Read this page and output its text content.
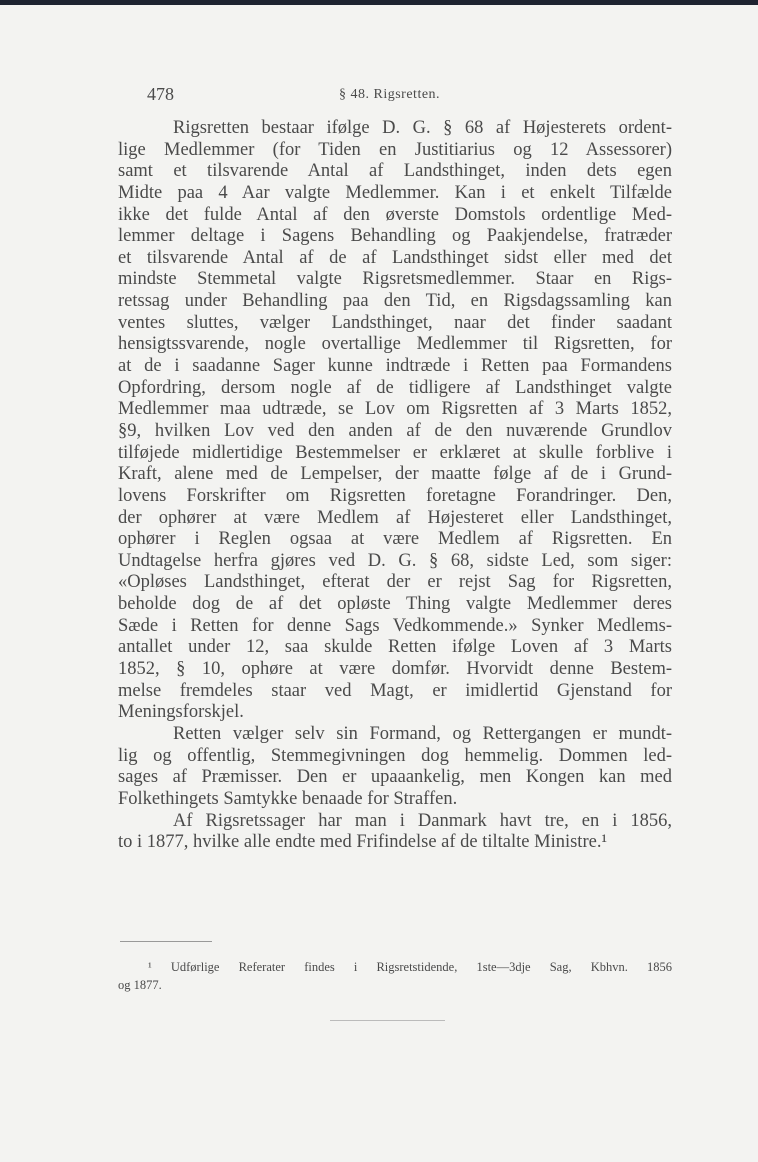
478	§ 48. Rigsretten.
Rigsretten bestaar ifølge D. G. § 68 af Højesterets ordent-
lige Medlemmer (for Tiden en Justitiarius og 12 Assessorer)
samt et tilsvarende Antal af Landsthinget, inden dets egen
Midte paa 4 Aar valgte Medlemmer. Kan i et enkelt Tilfælde
ikke det fulde Antal af den øverste Domstols ordentlige Med-
lemmer deltage i Sagens Behandling og Paakjendelse, fratræder
et tilsvarende Antal af de af Landsthinget sidst eller med det
mindste Stemmetal valgte Rigsretsmedlemmer. Staar en Rigs-
retssag under Behandling paa den Tid, en Rigsdagssamling kan
ventes sluttes, vælger Landsthinget, naar det finder saadant
hensigtssvarende, nogle overtallige Medlemmer til Rigsretten, for
at de i saadanne Sager kunne indtræde i Retten paa Formandens
Opfordring, dersom nogle af de tidligere af Landsthinget valgte
Medlemmer maa udtræde, se Lov om Rigsretten af 3 Marts 1852,
§9, hvilken Lov ved den anden af de den nuværende Grundlov
tilføjede midlertidige Bestemmelser er erklæret at skulle forblive i
Kraft, alene med de Lempelser, der maatte følge af de i Grund-
lovens Forskrifter om Rigsretten foretagne Forandringer. Den,
der ophører at være Medlem af Højesteret eller Landsthinget,
ophører i Reglen ogsaa at være Medlem af Rigsretten. En
Undtagelse herfra gjøres ved D. G. § 68, sidste Led, som siger:
«Opløses Landsthinget, efterat der er rejst Sag for Rigsretten,
beholde dog de af det opløste Thing valgte Medlemmer deres
Sæde i Retten for denne Sags Vedkommende.» Synker Medlems-
antallet under 12, saa skulde Retten ifølge Loven af 3 Marts
1852, § 10, ophøre at være domfør. Hvorvidt denne Bestem-
melse fremdeles staar ved Magt, er imidlertid Gjenstand for
Meningsforskjel.
Retten vælger selv sin Formand, og Rettergangen er mundt-
lig og offentlig, Stemmegivningen dog hemmelig. Dommen led-
sages af Præmisser. Den er upaaankelig, men Kongen kan med
Folkethingets Samtykke benaade for Straffen.
Af Rigsretssager har man i Danmark havt tre, en i 1856,
to i 1877, hvilke alle endte med Frifindelse af de tiltalte Ministre.¹
¹ Udførlige Referater findes i Rigsretstidende, 1ste—3dje Sag, Kbhvn. 1856
og 1877.
